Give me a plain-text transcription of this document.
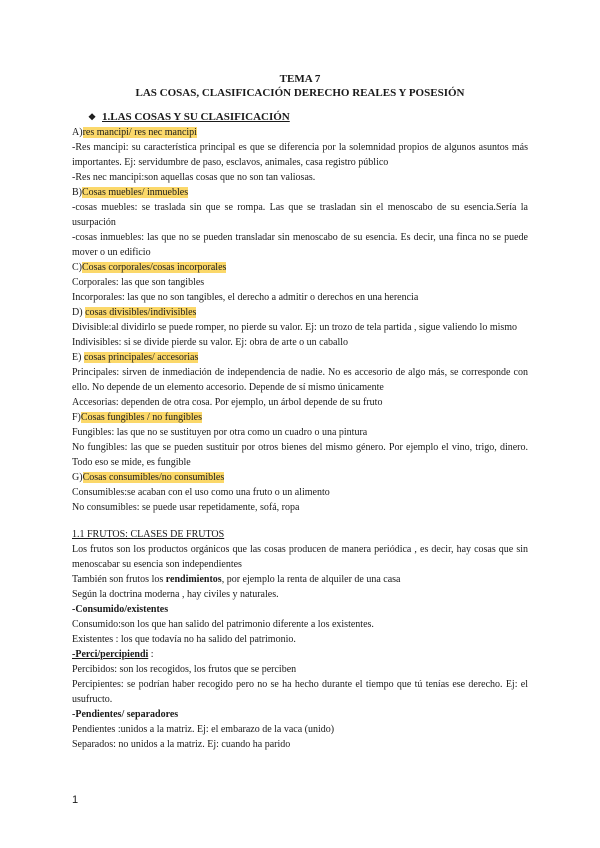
TEMA 7
LAS COSAS, CLASIFICACIÓN DERECHO REALES Y POSESIÓN
❖ 1.LAS COSAS Y SU CLASIFICACIÓN
A)res mancipi/ res nec mancipi
-Res mancipi: su característica principal es que se diferencia por la solemnidad propios de algunos asuntos más importantes. Ej: servidumbre de paso, esclavos, animales, casa registro público
-Res nec mancipi:son aquellas cosas que no son tan valiosas.
B)Cosas muebles/ inmuebles
-cosas muebles: se traslada sin que se rompa. Las que se trasladan sin el menoscabo de su esencia.Sería la usurpación
-cosas inmuebles: las que no se pueden transladar sin menoscabo de su esencia. Es decir, una finca no se puede mover o un edificio
C)Cosas corporales/cosas incorporales
Corporales: las que son tangibles
Incorporales: las que no son tangibles, el derecho a admitir o derechos en una herencia
D) cosas divisibles/indivisibles
Divisible:al dividirlo se puede romper, no pierde su valor. Ej: un trozo de tela partida , sigue valiendo lo mismo
Indivisibles: si se divide pierde su valor. Ej: obra de arte o un caballo
E) cosas principales/ accesorias
Principales: sirven de inmediación de independencia de nadie. No es accesorio de algo más, se corresponde con ello. No depende de un elemento accesorio. Depende de sí mismo únicamente
Accesorias: dependen de otra cosa. Por ejemplo, un árbol depende de su fruto
F)Cosas fungibles / no fungibles
Fungibles: las que no se sustituyen por otra como un cuadro o una pintura
No fungibles: las que se pueden sustituir por otros bienes del mismo género. Por ejemplo el vino, trigo, dinero. Todo eso se mide, es fungible
G)Cosas consumibles/no consumibles
Consumibles:se acaban con el uso como una fruto o un alimento
No consumibles: se puede usar repetidamente, sofá, ropa
1.1 FRUTOS: CLASES DE FRUTOS
Los frutos son los productos orgánicos que las cosas producen de manera periódica , es decir, hay cosas que sin menoscabar su esencia son independientes
También son frutos los rendimientos, por ejemplo la renta de alquiler de una casa
Según la doctrina moderna , hay civiles y naturales.
-Consumido/existentes
Consumido:son los que han salido del patrimonio diferente a los existentes.
Existentes : los que todavía no ha salido del patrimonio.
-Perci/percipiendi :
Percibidos: son los recogidos, los frutos que se perciben
Percipientes: se podrían haber recogido pero no se ha hecho durante el tiempo que tú tenías ese derecho. Ej: el usufructo.
-Pendientes/ separadores
Pendientes :unidos a la matriz. Ej: el embarazo de la vaca (unido)
Separados: no unidos a la matriz. Ej: cuando ha parido
1
